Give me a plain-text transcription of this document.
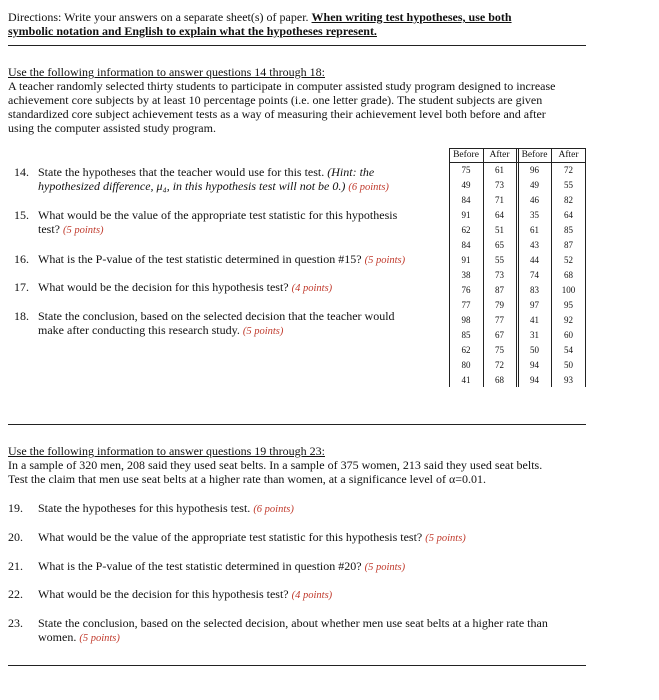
Directions: Write your answers on a separate sheet(s) of paper. When writing test hypotheses, use both
symbolic notation and English to explain what the hypotheses represent.
Use the following information to answer questions 14 through 18:
A teacher randomly selected thirty students to participate in computer assisted study program designed to increase
achievement core subjects by at least 10 percentage points (i.e. one letter grade). The student subjects are given
standardized core subject achievement tests as a way of measuring their achievement level both before and after
using the computer assisted study program.
14. State the hypotheses that the teacher would use for this test. (Hint: the
hypothesized difference, μ₄, in this hypothesis test will not be 0.) (6 points)
15. What would be the value of the appropriate test statistic for this hypothesis
test? (5 points)
16. What is the P-value of the test statistic determined in question #15? (5 points)
17. What would be the decision for this hypothesis test? (4 points)
18. State the conclusion, based on the selected decision that the teacher would
make after conducting this research study. (5 points)
Before	After	Before	After
75	61	96	72
49	73	49	55
84	71	46	82
91	64	35	64
62	51	61	85
84	65	43	87
91	55	44	52
38	73	74	68
76	87	83	100
77	79	97	95
98	77	41	92
85	67	31	60
62	75	50	54
80	72	94	50
41	68	94	93
Use the following information to answer questions 19 through 23:
In a sample of 320 men, 208 said they used seat belts. In a sample of 375 women, 213 said they used seat belts.
Test the claim that men use seat belts at a higher rate than women, at a significance level of α=0.01.
19. State the hypotheses for this hypothesis test. (6 points)
20. What would be the value of the appropriate test statistic for this hypothesis test? (5 points)
21. What is the P-value of the test statistic determined in question #20? (5 points)
22. What would be the decision for this hypothesis test? (4 points)
23. State the conclusion, based on the selected decision, about whether men use seat belts at a higher rate than
women. (5 points)
